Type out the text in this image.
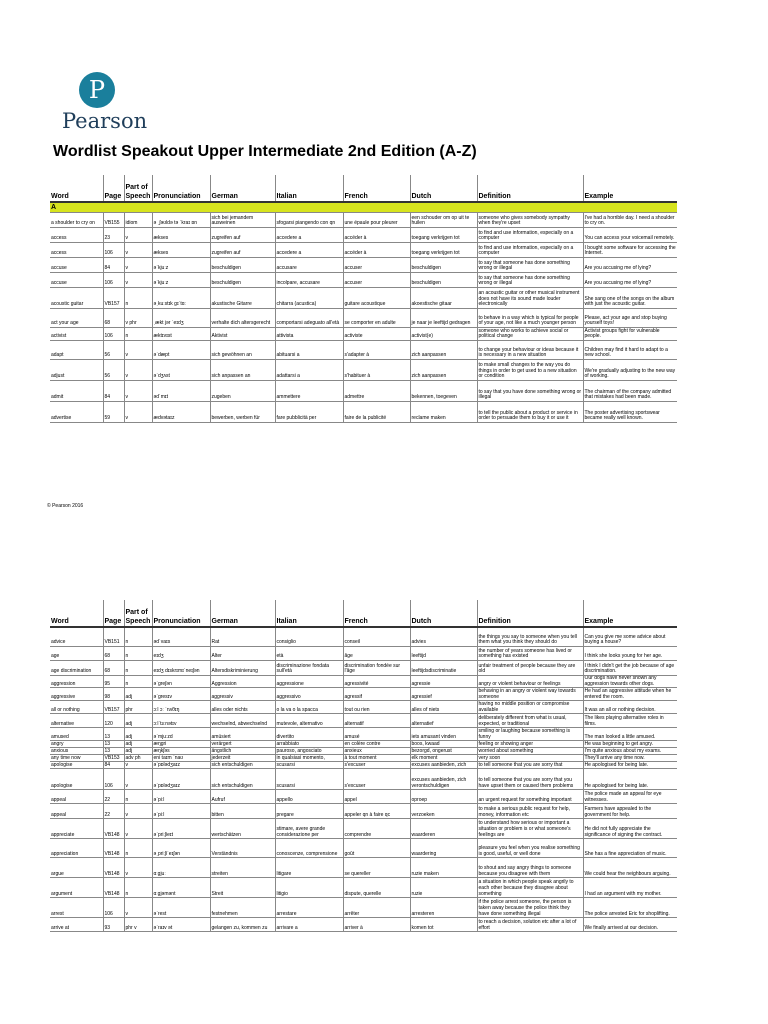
P
Pearson
Wordlist Speakout Upper Intermediate 2nd Edition (A-Z)
Word	Page	Part of Speech	Pronunciation	German	Italian	French	Dutch	Definition	Example
A									
a shoulder to cry on	VB155	idiom	ə ˌʃəʊldə tə ˈkraɪ ɒn	sich bei jemandem ausweinen	sfogarsi piangendo con qn	une épaule pour pleurer	een schouder om op uit te huilen	someone who gives somebody sympathy when they're upset	I've had a horrible day. I need a shoulder to cry on.
access	23	v	ækses	zugreifen auf	accedere a	accéder à	toegang verkrijgen tot	to find and use information, especially on a computer	You can access your voicemail remotely.
access	106	v	ækses	zugreifen auf	accedere a	accéder à	toegang verkrijgen tot	to find and use information, especially on a computer	I bought some software for accessing the Internet.
accuse	84	v	əˈkjuːz	beschuldigen	accusare	accuser	beschuldigen	to say that someone has done something wrong or illegal	Are you accusing me of lying?
accuse	106	v	əˈkjuːz	beschuldigen	incolpare, accusare	accuser	beschuldigen	to say that someone has done something wrong or illegal	Are you accusing me of lying?
acoustic guitar	VB157	n	əˌkuːstɪk ɡɪˈtɑː	akustische Gitarre	chitarra (acustica)	guitare acoustique	akoestische gitaar	an acoustic guitar or other musical instrument does not have its sound made louder electronically	She sang one of the songs on the album with just the acoustic guitar.
act your age	68	v phr	ˌækt jər ˈeɪdʒ	verhalte dich altersgerecht	comportarsi adeguato all'età	se comporter en adulte	je naar je leeftijd gedragen	to behave in a way which is typical for people of your age, not like a much younger person	Please, act your age and stop buying yourself toys!
activist	106	n	æktɪvɪst	Aktivist	attivista	activiste	activist(e)	someone who works to achieve social or political change	Activist groups fight for vulnerable people.
adapt	56	v	əˈdæpt	sich gewöhnen an	abituarsi a	s'adapter à	zich aanpassen	to change your behaviour or ideas because it is necessary in a new situation	Children may find it hard to adapt to a new school.
adjust	56	v	əˈdʒʌst	sich anpassen an	adattarsi a	s'habituer à	zich aanpassen	to make small changes to the way you do things in order to get used to a new situation or condition	We're gradually adjusting to the new way of working.
admit	84	v	ədˈmɪt	zugeben	ammettere	admettre	bekennen, toegeven	to say that you have done something wrong or illegal	The chairman of the company admitted that mistakes had been made.
advertise	59	v	ædvətaɪz	bewerben, werben für	fare pubblicità per	faire de la publicité	reclame maken	to tell the public about a product or service in order to persuade them to buy it or use it	The poster advertising sportswear became really well known.
© Pearson 2016
Word	Page	Part of Speech	Pronunciation	German	Italian	French	Dutch	Definition	Example
advice	VB151	n	ədˈvaɪs	Rat	consiglio	conseil	advies	the things you say to someone when you tell them what you think they should do	Can you give me some advice about buying a house?
age	68	n	eɪdʒ	Alter	età	âge	leeftijd	the number of years someone has lived or something has existed	I think she looks young for her age.
age discrimination	68	n	eɪdʒ dɪskrɪmɪˈneɪʃən	Altersdiskriminierung	discriminazione fondata sull'età	discrimination fondée sur l'âge	leeftijdsdiscriminatie	unfair treatment of people because they are old	I think I didn't get the job because of age discrimination.
aggression	95	n	əˈɡreʃən	Aggression	aggressione	agressivité	agressie	angry or violent behaviour or feelings	Our dogs have never shown any aggression towards other dogs.
aggressive	98	adj	əˈɡresɪv	aggressiv	aggressivo	agressif	agressief	behaving in an angry or violent way towards someone	He had an aggressive attitude when he entered the room.
all or nothing	VB157	phr	ɔːl ɔː ˈnʌθɪŋ	alles oder nichts	o la va o la spacca	tout ou rien	alles of niets	having no middle position or compromise available	It was an all or nothing decision.
alternative	120	adj	ɔːlˈtɜːnətɪv	wechselnd, abwechselnd	mutevole, alternativo	alternatif	alternatief	deliberately different from what is usual, expected, or traditional	The likes playing alternative roles in films.
amused	13	adj	əˈmjuːzd	amüsiert	divertito	amusé	iets amusant vinden	smiling or laughing because something is funny	The man looked a little amused.
angry	13	adj	æŋɡri	verärgert	arrabbiato	en colère contre	boos, kwaad	feeling or showing anger	He was beginning to get angry.
anxious	13	adj	æŋkʃəs	ängstlich	pauroso, angosciato	anxieux	bezorgd, ongerust	worried about something	I'm quite anxious about my exams.
any time now	VB153	adv ph	eni taɪm ˈnaʊ	jederzeit	in qualsiasi momento,	à tout moment	elk moment	very soon	They'll arrive any time now.
apologise	84	v	əˈpɒlədʒaɪz	sich entschuldigen	scusarsi	s'excuser	excuses aanbieden, zich	to tell someone that you are sorry that	He apologised for being late.
apologise	106	v	əˈpɒlədʒaɪz	sich entschuldigen	scusarsi	s'excuser	excuses aanbieden, zich verontschuldigen	to tell someone that you are sorry that you have upset them or caused them problems	He apologised for being late.
appeal	22	n	əˈpiːl	Aufruf	appello	appel	oproep	an urgent request for something important	The police made an appeal for eye witnesses.
appeal	22	v	əˈpiːl	bitten	pregare	appeler qn à faire qc	verzoeken	to make a serious public request for help, money, information etc	Farmers have appealed to the government for help.
appreciate	VB148	v	əˈpriːʃieɪt	wertschätzen	stimare, avere grande considerazione per	comprendre	waarderen	to understand how serious or important a situation or problem is or what someone's feelings are	He did not fully appreciate the significance of signing the contract.
appreciation	VB148	n	əˌpriːʃiˈeɪʃən	Verständnis	conoscenze, comprensione	goût	waardering	pleasure you feel when you realise something is good, useful, or well done	She has a fine appreciation of music.
argue	VB148	v	ɑːɡjuː	streiten	litigare	se quereller	ruzie maken	to shout and say angry things to someone because you disagree with them	We could hear the neighbours arguing.
argument	VB148	n	ɑːɡjəmənt	Streit	litigio	dispute, querelle	ruzie	a situation in which people speak angrily to each other because they disagree about something	I had an argument with my mother.
arrest	106	v	əˈrest	festnehmen	arrestare	arrêter	arresteren	if the police arrest someone, the person is taken away because the police think they have done something illegal	The police arrested Eric for shoplifting.
arrive at	93	phr v	əˈraɪv ət	gelangen zu, kommen zu	arrivare a	arriver à	komen tot	to reach a decision, solution etc after a lot of effort	We finally arrived at our decision.
